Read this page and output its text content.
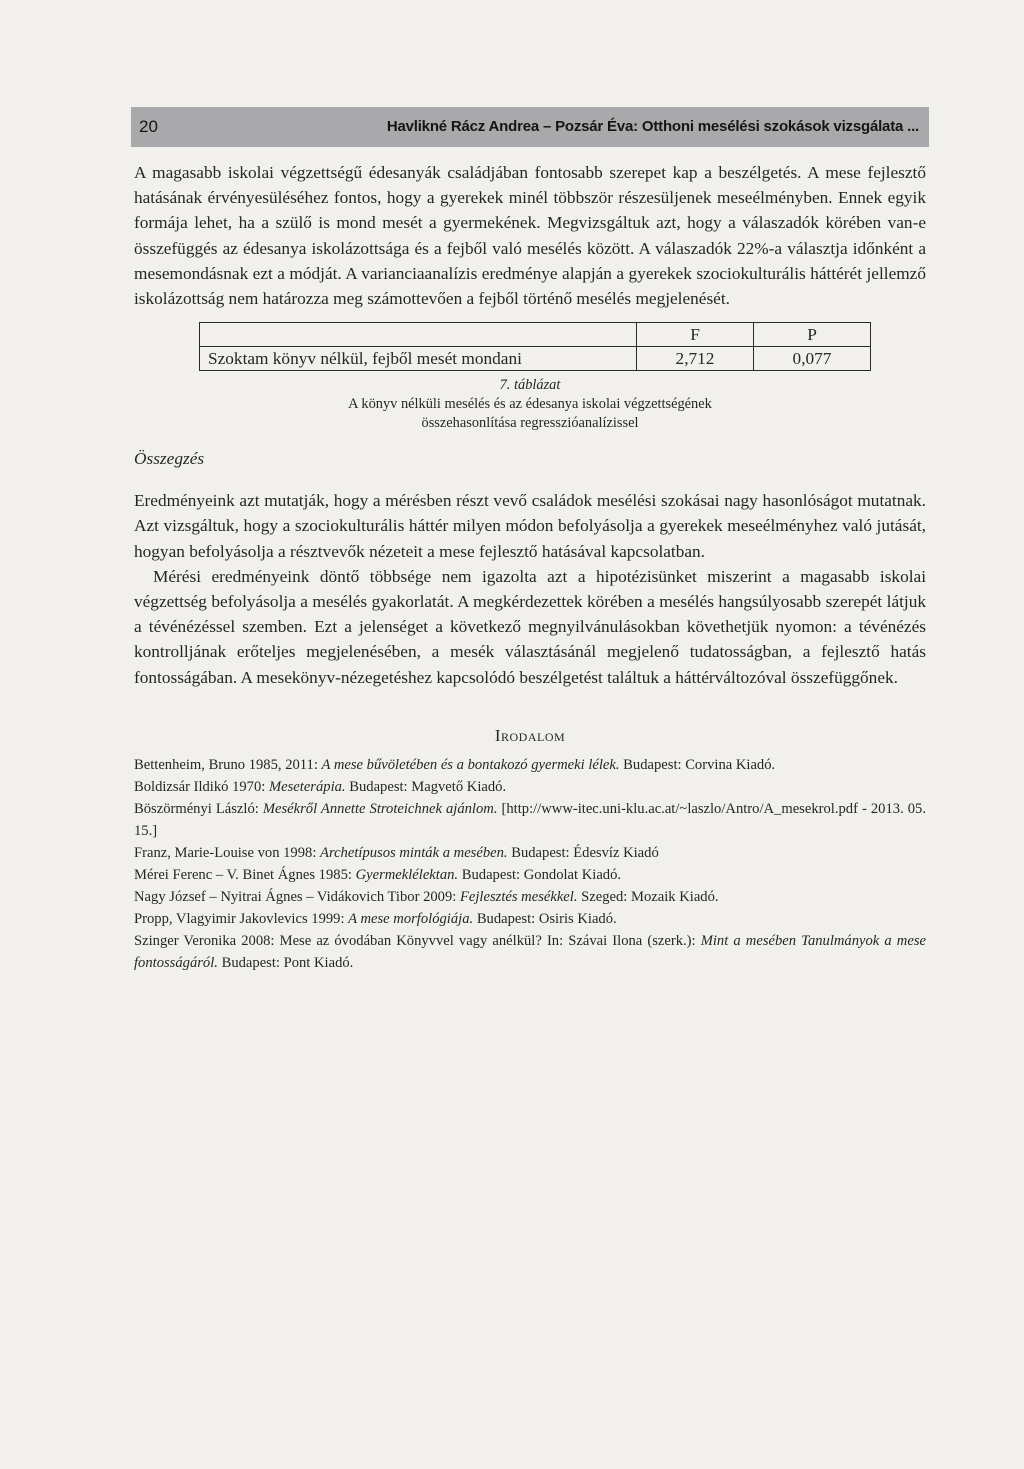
20	Havlikné Rácz Andrea – Pozsár Éva: Otthoni mesélési szokások vizsgálata ...

A magasabb iskolai végzettségű édesanyák családjában fontosabb szerepet kap a beszélgetés. A mese fejlesztő hatásának érvényesüléséhez fontos, hogy a gyerekek minél többször részesüljenek meseélményben. Ennek egyik formája lehet, ha a szülő is mond mesét a gyermekének. Megvizsgáltuk azt, hogy a válaszadók körében van-e összefüggés az édesanya iskolázottsága és a fejből való mesélés között. A válaszadók 22%-a választja időnként a mesemondásnak ezt a módját. A varianciaanalízis eredménye alapján a gyerekek szociokulturális háttérét jellemző iskolázottság nem határozza meg számottevően a fejből történő mesélés megjelenését.

	F	P
Szoktam könyv nélkül, fejből mesét mondani	2,712	0,077
7. táblázat
A könyv nélküli mesélés és az édesanya iskolai végzettségének
összehasonlítása regresszióanalízissel
Összegzés

Eredményeink azt mutatják, hogy a mérésben részt vevő családok mesélési szokásai nagy hasonlóságot mutatnak. Azt vizsgáltuk, hogy a szociokulturális háttér milyen módon befolyásolja a gyerekek meseélményhez való jutását, hogyan befolyásolja a résztvevők nézeteit a mese fejlesztő hatásával kapcsolatban.

Mérési eredményeink döntő többsége nem igazolta azt a hipotézisünket miszerint a magasabb iskolai végzettség befolyásolja a mesélés gyakorlatát. A megkérdezettek körében a mesélés hangsúlyosabb szerepét látjuk a tévénézéssel szemben. Ezt a jelenséget a következő megnyilvánulásokban követhetjük nyomon: a tévénézés kontrolljának erőteljes megjelenésében, a mesék választásánál megjelenő tudatosságban, a fejlesztő hatás fontosságában. A mesekönyv-nézegetéshez kapcsolódó beszélgetést találtuk a háttérváltozóval összefüggőnek.

Irodalom
Bettenheim, Bruno 1985, 2011: A mese bűvöletében és a bontakozó gyermeki lélek. Budapest: Corvina Kiadó.
Boldizsár Ildikó 1970: Meseterápia. Budapest: Magvető Kiadó.
Böszörményi László: Mesékről Annette Stroteichnek ajánlom. [http://www-itec.uni-klu.ac.at/~laszlo/Antro/A_mesekrol.pdf - 2013. 05. 15.]
Franz, Marie-Louise von 1998: Archetípusos minták a mesében. Budapest: Édesvíz Kiadó
Mérei Ferenc – V. Binet Ágnes 1985: Gyermeklélektan. Budapest: Gondolat Kiadó.
Nagy József – Nyitrai Ágnes – Vidákovich Tibor 2009: Fejlesztés mesékkel. Szeged: Mozaik Kiadó.
Propp, Vlagyimir Jakovlevics 1999: A mese morfológiája. Budapest: Osiris Kiadó.
Szinger Veronika 2008: Mese az óvodában Könyvvel vagy anélkül? In: Szávai Ilona (szerk.): Mint a mesében Tanulmányok a mese fontosságáról. Budapest: Pont Kiadó.
